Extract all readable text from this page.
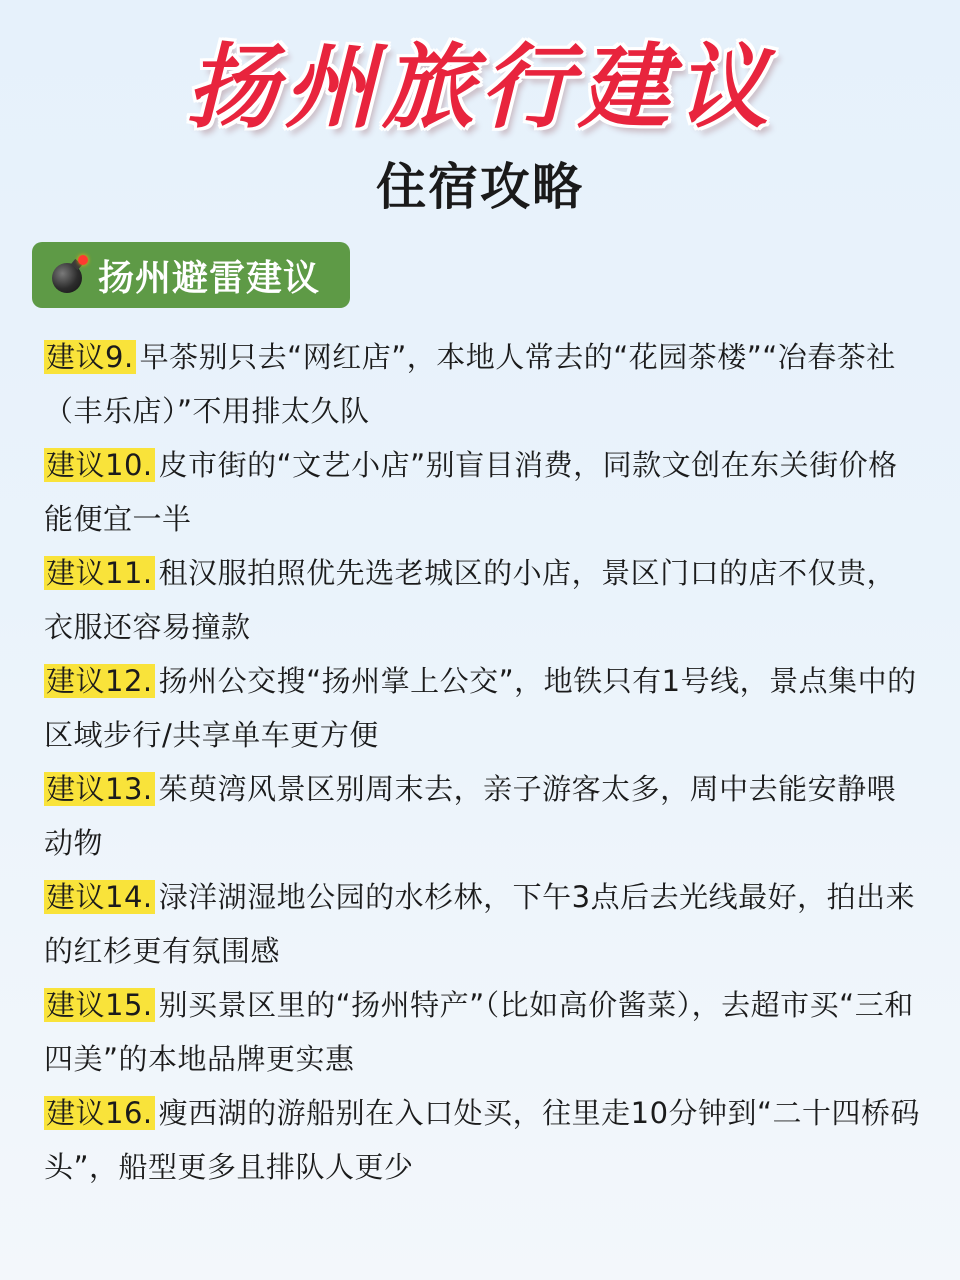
扬州旅行建议
住宿攻略
扬州避雷建议
建议9. 早茶别只去“网红店”，本地人常去的“花园茶楼”“冶春茶社（丰乐店）”不用排太久队
建议10. 皮市街的“文艺小店”别盲目消费，同款文创在东关街价格能便宜一半
建议11. 租汉服拍照优先选老城区的小店，景区门口的店不仅贵，衣服还容易撞款
建议12. 扬州公交搜“扬州掌上公交”，地铁只有1号线，景点集中的区域步行/共享单车更方便
建议13. 茱萸湾风景区别周末去，亲子游客太多，周中去能安静喂动物
建议14. 渌洋湖湿地公园的水杉林，下午3点后去光线最好，拍出来的红杉更有氛围感
建议15. 别买景区里的“扬州特产”（比如高价酱菜），去超市买“三和四美”的本地品牌更实惠
建议16. 瘦西湖的游船别在入口处买，往里走10分钟到“二十四桥码头”，船型更多且排队人更少
